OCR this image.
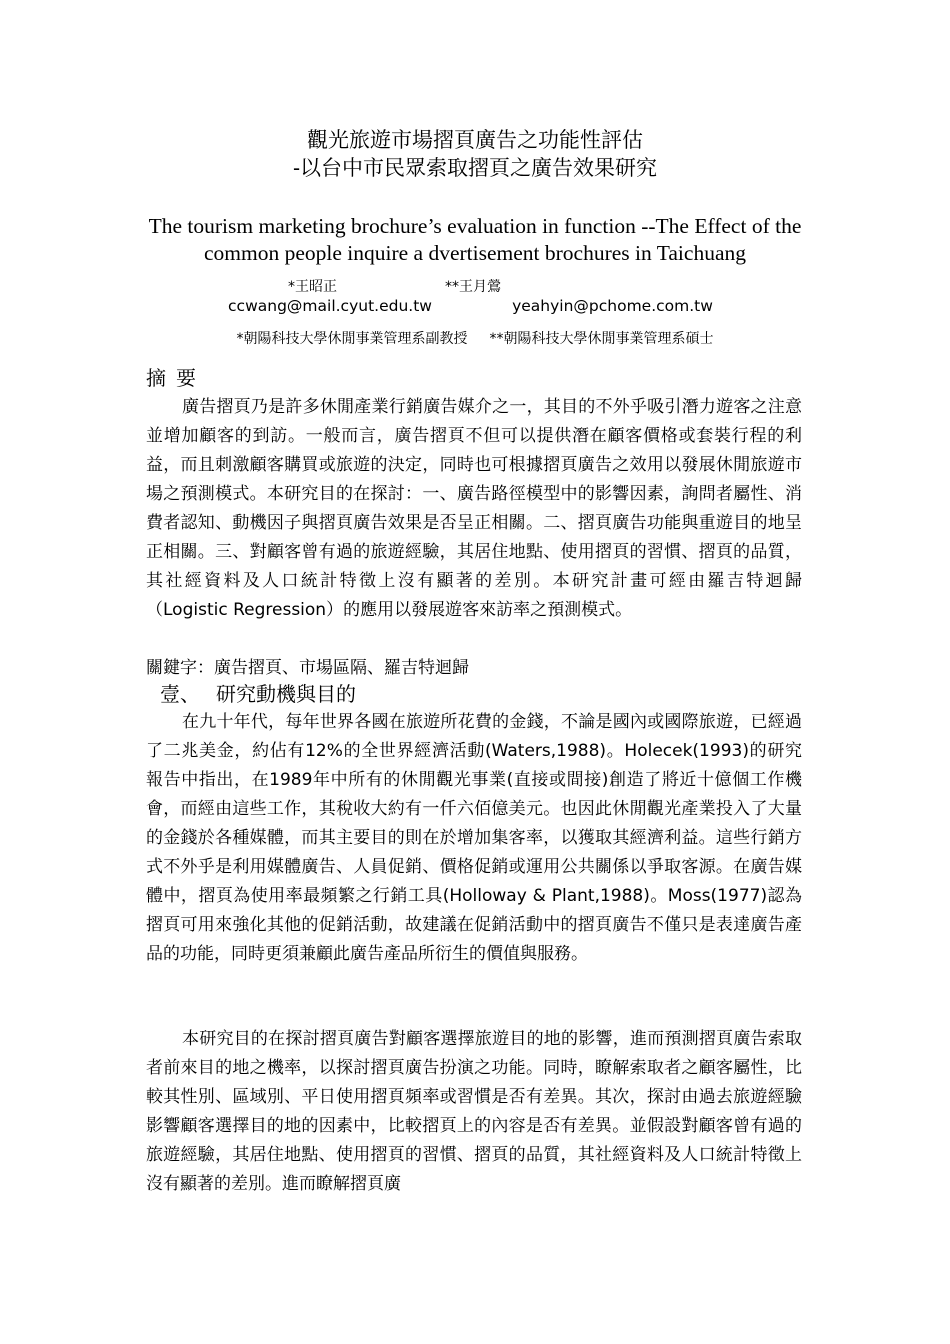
觀光旅遊市場摺頁廣告之功能性評估
-以台中市民眾索取摺頁之廣告效果研究
The tourism marketing brochure’s evaluation in function --The Effect of the common people inquire a dvertisement brochures in Taichuang
*王昭正
ccwang@mail.cyut.edu.tw
**王月鶯
yeahyin@pchome.com.tw
*朝陽科技大學休閒事業管理系副教授 **朝陽科技大學休閒事業管理系碩士
摘要
廣告摺頁乃是許多休閒產業行銷廣告媒介之一，其目的不外乎吸引潛力遊客之注意並增加顧客的到訪。一般而言，廣告摺頁不但可以提供潛在顧客價格或套裝行程的利益，而且刺激顧客購買或旅遊的決定，同時也可根據摺頁廣告之效用以發展休閒旅遊市場之預測模式。本研究目的在探討：一、廣告路徑模型中的影響因素，詢問者屬性、消費者認知、動機因子與摺頁廣告效果是否呈正相關。二、摺頁廣告功能與重遊目的地呈正相關。三、對顧客曾有過的旅遊經驗，其居住地點、使用摺頁的習慣、摺頁的品質，其社經資料及人口統計特徵上沒有顯著的差別。本研究計畫可經由羅吉特迴歸（Logistic Regression）的應用以發展遊客來訪率之預測模式。
關鍵字：廣告摺頁、市場區隔、羅吉特迴歸
壹、 研究動機與目的
在九十年代，每年世界各國在旅遊所花費的金錢，不論是國內或國際旅遊，已經過了二兆美金，約佔有12%的全世界經濟活動(Waters,1988)。Holecek(1993)的研究報告中指出，在1989年中所有的休閒觀光事業(直接或間接)創造了將近十億個工作機會，而經由這些工作，其稅收大約有一仟六佰億美元。也因此休閒觀光產業投入了大量的金錢於各種媒體，而其主要目的則在於增加集客率，以獲取其經濟利益。這些行銷方式不外乎是利用媒體廣告、人員促銷、價格促銷或運用公共關係以爭取客源。在廣告媒體中，摺頁為使用率最頻繁之行銷工具(Holloway & Plant,1988)。Moss(1977)認為摺頁可用來強化其他的促銷活動，故建議在促銷活動中的摺頁廣告不僅只是表達廣告產品的功能，同時更須兼顧此廣告產品所衍生的價值與服務。
本研究目的在探討摺頁廣告對顧客選擇旅遊目的地的影響，進而預測摺頁廣告索取者前來目的地之機率，以探討摺頁廣告扮演之功能。同時，瞭解索取者之顧客屬性，比較其性別、區域別、平日使用摺頁頻率或習慣是否有差異。其次，探討由過去旅遊經驗影響顧客選擇目的地的因素中，比較摺頁上的內容是否有差異。並假設對顧客曾有過的旅遊經驗，其居住地點、使用摺頁的習慣、摺頁的品質，其社經資料及人口統計特徵上沒有顯著的差別。進而瞭解摺頁廣
